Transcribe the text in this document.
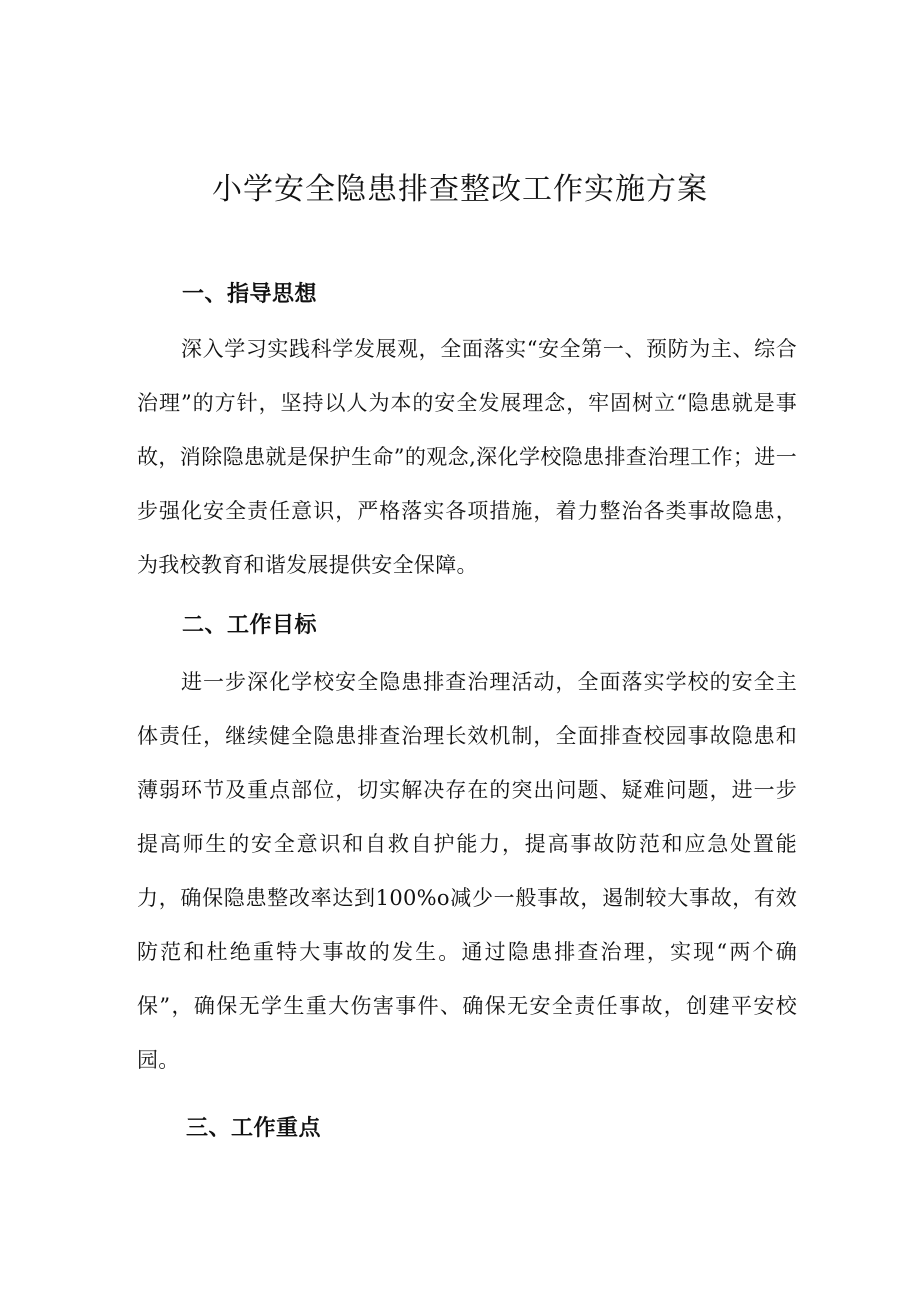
小学安全隐患排查整改工作实施方案
一、指导思想

深入学习实践科学发展观，全面落实“安全第一、预防为主、综合治理”的方针，坚持以人为本的安全发展理念，牢固树立“隐患就是事故，消除隐患就是保护生命”的观念,深化学校隐患排查治理工作；进一步强化安全责任意识，严格落实各项措施，着力整治各类事故隐患，为我校教育和谐发展提供安全保障。

二、工作目标

进一步深化学校安全隐患排查治理活动，全面落实学校的安全主体责任，继续健全隐患排查治理长效机制，全面排查校园事故隐患和薄弱环节及重点部位，切实解决存在的突出问题、疑难问题，进一步提高师生的安全意识和自救自护能力，提高事故防范和应急处置能力，确保隐患整改率达到100%o减少一般事故，遏制较大事故，有效防范和杜绝重特大事故的发生。通过隐患排查治理，实现“两个确保”，确保无学生重大伤害事件、确保无安全责任事故，创建平安校园。

三、工作重点
